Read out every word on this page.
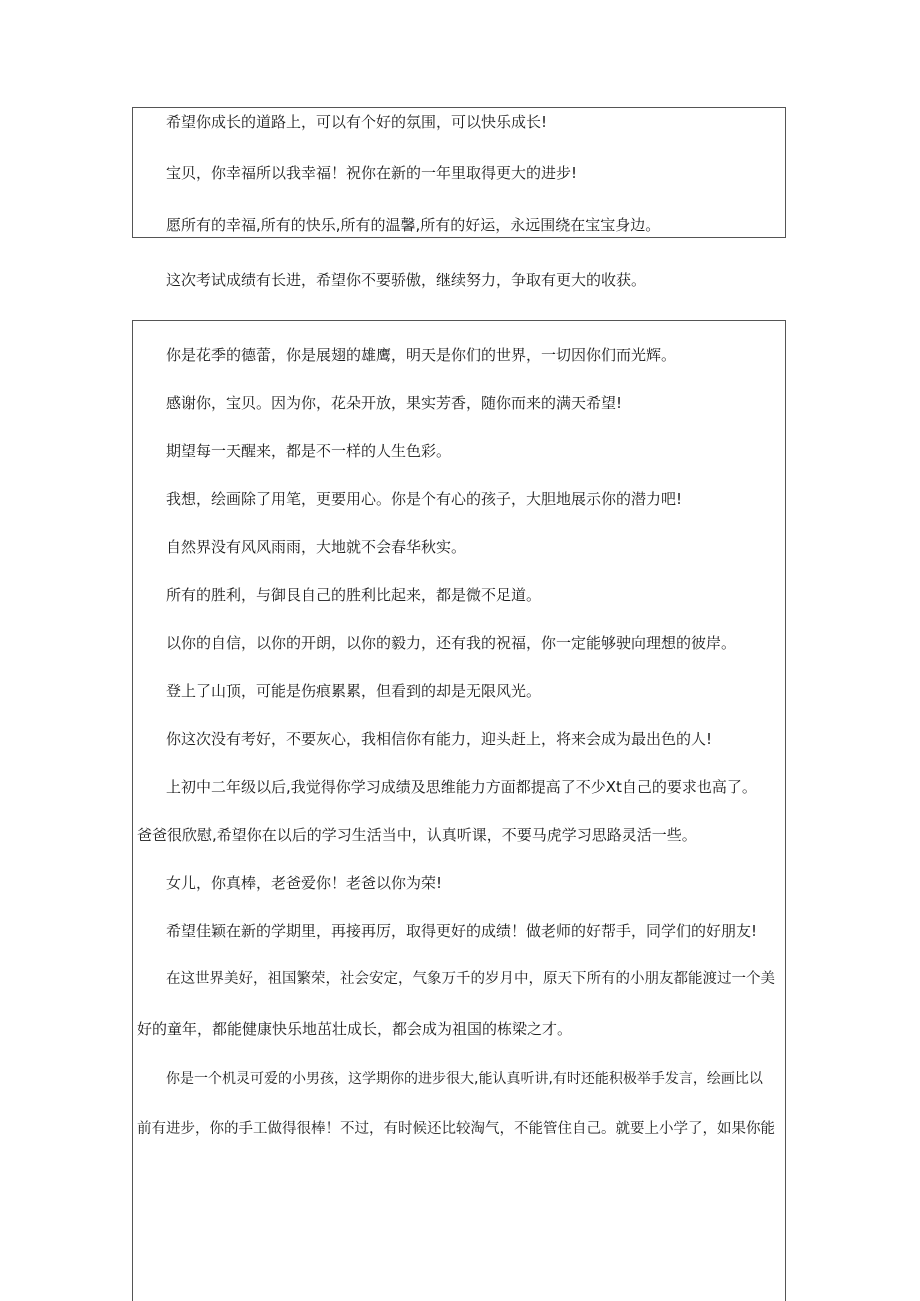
希望你成长的道路上，可以有个好的氛围，可以快乐成长!
宝贝，你幸福所以我幸福！祝你在新的一年里取得更大的进步!
愿所有的幸福,所有的快乐,所有的温馨,所有的好运，永远围绕在宝宝身边。
这次考试成绩有长进，希望你不要骄傲，继续努力，争取有更大的收获。
你是花季的德蕾，你是展翅的雄鹰，明天是你们的世界，一切因你们而光辉。
感谢你，宝贝。因为你，花朵开放，果实芳香，随你而来的满天希望!
期望每一天醒来，都是不一样的人生色彩。
我想，绘画除了用笔，更要用心。你是个有心的孩子，大胆地展示你的潜力吧!
自然界没有风风雨雨，大地就不会春华秋实。
所有的胜利，与御艮自己的胜利比起来，都是微不足道。
以你的自信，以你的开朗，以你的毅力，还有我的祝福，你一定能够驶向理想的彼岸。
登上了山顶，可能是伤痕累累，但看到的却是无限风光。
你这次没有考好，不要灰心，我相信你有能力，迎头赶上，将来会成为最出色的人!
上初中二年级以后,我觉得你学习成绩及思维能力方面都提高了不少Xt自己的要求也高了。
爸爸很欣慰,希望你在以后的学习生活当中，认真听课，不要马虎学习思路灵活一些。
女儿，你真棒，老爸爱你！老爸以你为荣!
希望佳颖在新的学期里，再接再厉，取得更好的成绩！做老师的好帮手，同学们的好朋友!
在这世界美好，祖国繁荣，社会安定，气象万千的岁月中，原天下所有的小朋友都能渡过一个美
好的童年，都能健康快乐地茁壮成长，都会成为祖国的栋梁之才。
你是一个机灵可爱的小男孩，这学期你的进步很大,能认真听讲,有时还能积极举手发言，绘画比以
前有进步，你的手工做得很棒！不过，有时候还比较淘气，不能管住自己。就要上小学了，如果你能
